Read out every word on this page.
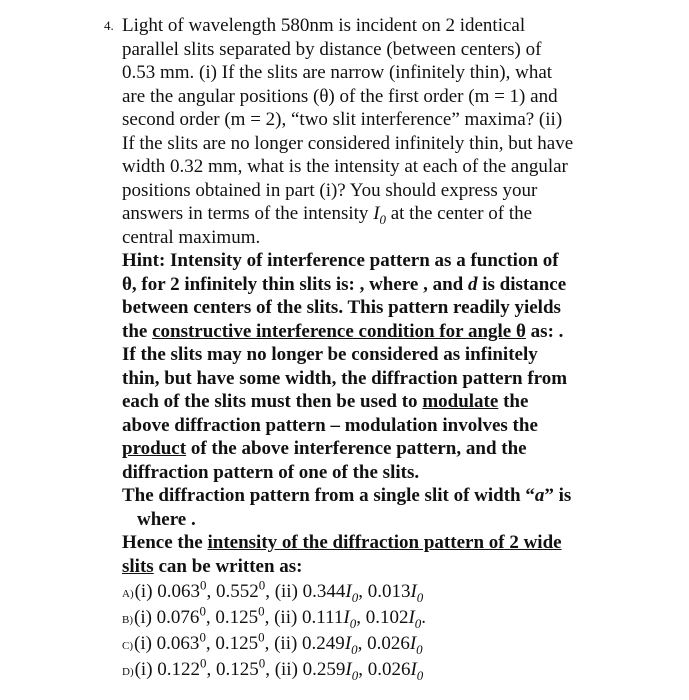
4. Light of wavelength 580nm is incident on 2 identical
parallel slits separated by distance (between centers) of
0.53 mm. (i) If the slits are narrow (infinitely thin), what
are the angular positions (θ) of the first order (m = 1) and
second order (m = 2), “two slit interference” maxima? (ii)
If the slits are no longer considered infinitely thin, but have
width 0.32 mm, what is the intensity at each of the angular
positions obtained in part (i)? You should express your
answers in terms of the intensity $I_0$ at the center of the
central maximum.
Hint: Intensity of interference pattern as a function of
θ, for 2 infinitely thin slits is: , where , and d is distance
between centers of the slits. This pattern readily yields
the constructive interference condition for angle θ as: .
If the slits may no longer be considered as infinitely
thin, but have some width, the diffraction pattern from
each of the slits must then be used to modulate the
above diffraction pattern – modulation involves the
product of the above interference pattern, and the
diffraction pattern of one of the slits.
The diffraction pattern from a single slit of width “a” is
where .
Hence the intensity of the diffraction pattern of 2 wide
slits can be written as:
A)(i) 0.063$^0$, 0.552$^0$, (ii) $0.344I_0$, $0.013I_0$
B)(i) 0.076$^0$, 0.125$^0$, (ii) $0.111I_0$, $0.102I_0$.
C)(i) 0.063$^0$, 0.125$^0$, (ii) $0.249I_0$, $0.026I_0$
D)(i) 0.122$^0$, 0.125$^0$, (ii) $0.259I_0$, $0.026I_0$
